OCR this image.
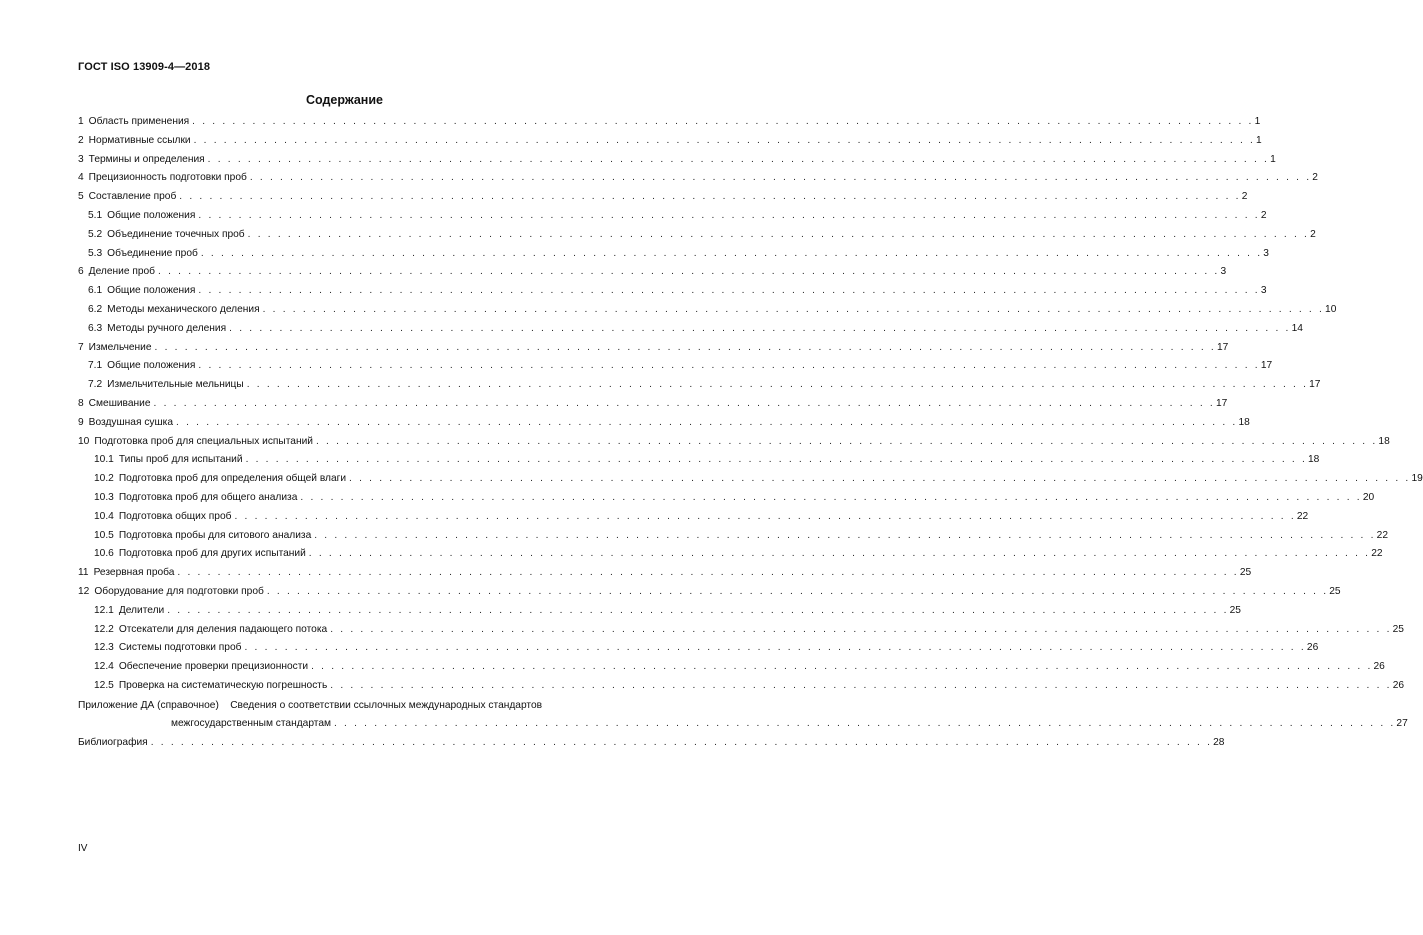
ГОСТ ISO 13909-4—2018
Содержание
1 Область применения . . . . . . . . . . . . . . . . . . . . . . . . . . . . . . . . . . . . . . . . . . . . . . . . . . . . . . . . . . . . . . . . . . . . . . . . . . . . . . . . . . . . . . . . . . . . . . . . . . . . . . . . . . 1
2 Нормативные ссылки . . . . . . . . . . . . . . . . . . . . . . . . . . . . . . . . . . . . . . . . . . . . . . . . . . . . . . . . . . . . . . . . . . . . . . . . . . . . . . . . . . . . . . . . . . . . . . . . . . . . . . . . . . 1
3 Термины и определения . . . . . . . . . . . . . . . . . . . . . . . . . . . . . . . . . . . . . . . . . . . . . . . . . . . . . . . . . . . . . . . . . . . . . . . . . . . . . . . . . . . . . . . . . . . . . . . . . . . . . . . . . . 1
4 Прецизионность подготовки проб . . . . . . . . . . . . . . . . . . . . . . . . . . . . . . . . . . . . . . . . . . . . . . . . . . . . . . . . . . . . . . . . . . . . . . . . . . . . . . . . . . . . . . . . . . . . . . . . . . . . . . . . . . 2
5 Составление проб . . . . . . . . . . . . . . . . . . . . . . . . . . . . . . . . . . . . . . . . . . . . . . . . . . . . . . . . . . . . . . . . . . . . . . . . . . . . . . . . . . . . . . . . . . . . . . . . . . . . . . . . . . 2
5.1 Общие положения . . . . . . . . . . . . . . . . . . . . . . . . . . . . . . . . . . . . . . . . . . . . . . . . . . . . . . . . . . . . . . . . . . . . . . . . . . . . . . . . . . . . . . . . . . . . . . . . . . . . . . . . . . 2
5.2 Объединение точечных проб . . . . . . . . . . . . . . . . . . . . . . . . . . . . . . . . . . . . . . . . . . . . . . . . . . . . . . . . . . . . . . . . . . . . . . . . . . . . . . . . . . . . . . . . . . . . . . . . . . . . . . . . . . 2
5.3 Объединение проб . . . . . . . . . . . . . . . . . . . . . . . . . . . . . . . . . . . . . . . . . . . . . . . . . . . . . . . . . . . . . . . . . . . . . . . . . . . . . . . . . . . . . . . . . . . . . . . . . . . . . . . . . . 3
6 Деление проб . . . . . . . . . . . . . . . . . . . . . . . . . . . . . . . . . . . . . . . . . . . . . . . . . . . . . . . . . . . . . . . . . . . . . . . . . . . . . . . . . . . . . . . . . . . . . . . . . . . . . . . . . . 3
6.1 Общие положения . . . . . . . . . . . . . . . . . . . . . . . . . . . . . . . . . . . . . . . . . . . . . . . . . . . . . . . . . . . . . . . . . . . . . . . . . . . . . . . . . . . . . . . . . . . . . . . . . . . . . . . . . . 3
6.2 Методы механического деления . . . . . . . . . . . . . . . . . . . . . . . . . . . . . . . . . . . . . . . . . . . . . . . . . . . . . . . . . . . . . . . . . . . . . . . . . . . . . . . . . . . . . . . . . . . . . . . . . . . . . . . . . . 10
6.3 Методы ручного деления . . . . . . . . . . . . . . . . . . . . . . . . . . . . . . . . . . . . . . . . . . . . . . . . . . . . . . . . . . . . . . . . . . . . . . . . . . . . . . . . . . . . . . . . . . . . . . . . . . . . . . . . . . 14
7 Измельчение . . . . . . . . . . . . . . . . . . . . . . . . . . . . . . . . . . . . . . . . . . . . . . . . . . . . . . . . . . . . . . . . . . . . . . . . . . . . . . . . . . . . . . . . . . . . . . . . . . . . . . . . . . 17
7.1 Общие положения . . . . . . . . . . . . . . . . . . . . . . . . . . . . . . . . . . . . . . . . . . . . . . . . . . . . . . . . . . . . . . . . . . . . . . . . . . . . . . . . . . . . . . . . . . . . . . . . . . . . . . . . . . 17
7.2 Измельчительные мельницы . . . . . . . . . . . . . . . . . . . . . . . . . . . . . . . . . . . . . . . . . . . . . . . . . . . . . . . . . . . . . . . . . . . . . . . . . . . . . . . . . . . . . . . . . . . . . . . . . . . . . . . . . . 17
8 Смешивание . . . . . . . . . . . . . . . . . . . . . . . . . . . . . . . . . . . . . . . . . . . . . . . . . . . . . . . . . . . . . . . . . . . . . . . . . . . . . . . . . . . . . . . . . . . . . . . . . . . . . . . . . . 17
9 Воздушная сушка . . . . . . . . . . . . . . . . . . . . . . . . . . . . . . . . . . . . . . . . . . . . . . . . . . . . . . . . . . . . . . . . . . . . . . . . . . . . . . . . . . . . . . . . . . . . . . . . . . . . . . . . . . 18
10 Подготовка проб для специальных испытаний . . . . . . . . . . . . . . . . . . . . . . . . . . . . . . . . . . . . . . . . . . . . . . . . . . . . . . . . . . . . . . . . . . . . . . . . . . . . . . . . . . . . . . . . . . . . . . . . . . . . . . . . . . 18
10.1 Типы проб для испытаний . . . . . . . . . . . . . . . . . . . . . . . . . . . . . . . . . . . . . . . . . . . . . . . . . . . . . . . . . . . . . . . . . . . . . . . . . . . . . . . . . . . . . . . . . . . . . . . . . . . . . . . . . . 18
10.2 Подготовка проб для определения общей влаги . . . . . . . . . . . . . . . . . . . . . . . . . . . . . . . . . . . . . . . . . . . . . . . . . . . . . . . . . . . . . . . . . . . . . . . . . . . . . . . . . . . . . . . . . . . . . . . . . . . . . . . . . . 19
10.3 Подготовка проб для общего анализа . . . . . . . . . . . . . . . . . . . . . . . . . . . . . . . . . . . . . . . . . . . . . . . . . . . . . . . . . . . . . . . . . . . . . . . . . . . . . . . . . . . . . . . . . . . . . . . . . . . . . . . . . . 20
10.4 Подготовка общих проб . . . . . . . . . . . . . . . . . . . . . . . . . . . . . . . . . . . . . . . . . . . . . . . . . . . . . . . . . . . . . . . . . . . . . . . . . . . . . . . . . . . . . . . . . . . . . . . . . . . . . . . . . . 22
10.5 Подготовка пробы для ситового анализа . . . . . . . . . . . . . . . . . . . . . . . . . . . . . . . . . . . . . . . . . . . . . . . . . . . . . . . . . . . . . . . . . . . . . . . . . . . . . . . . . . . . . . . . . . . . . . . . . . . . . . . . . . 22
10.6 Подготовка проб для других испытаний . . . . . . . . . . . . . . . . . . . . . . . . . . . . . . . . . . . . . . . . . . . . . . . . . . . . . . . . . . . . . . . . . . . . . . . . . . . . . . . . . . . . . . . . . . . . . . . . . . . . . . . . . . 22
11 Резервная проба . . . . . . . . . . . . . . . . . . . . . . . . . . . . . . . . . . . . . . . . . . . . . . . . . . . . . . . . . . . . . . . . . . . . . . . . . . . . . . . . . . . . . . . . . . . . . . . . . . . . . . . . . . 25
12 Оборудование для подготовки проб . . . . . . . . . . . . . . . . . . . . . . . . . . . . . . . . . . . . . . . . . . . . . . . . . . . . . . . . . . . . . . . . . . . . . . . . . . . . . . . . . . . . . . . . . . . . . . . . . . . . . . . . . . 25
12.1 Делители . . . . . . . . . . . . . . . . . . . . . . . . . . . . . . . . . . . . . . . . . . . . . . . . . . . . . . . . . . . . . . . . . . . . . . . . . . . . . . . . . . . . . . . . . . . . . . . . . . . . . . . . . . 25
12.2 Отсекатели для деления падающего потока . . . . . . . . . . . . . . . . . . . . . . . . . . . . . . . . . . . . . . . . . . . . . . . . . . . . . . . . . . . . . . . . . . . . . . . . . . . . . . . . . . . . . . . . . . . . . . . . . . . . . . . . . . 25
12.3 Системы подготовки проб . . . . . . . . . . . . . . . . . . . . . . . . . . . . . . . . . . . . . . . . . . . . . . . . . . . . . . . . . . . . . . . . . . . . . . . . . . . . . . . . . . . . . . . . . . . . . . . . . . . . . . . . . . 26
12.4 Обеспечение проверки прецизионности . . . . . . . . . . . . . . . . . . . . . . . . . . . . . . . . . . . . . . . . . . . . . . . . . . . . . . . . . . . . . . . . . . . . . . . . . . . . . . . . . . . . . . . . . . . . . . . . . . . . . . . . . . 26
12.5 Проверка на систематическую погрешность . . . . . . . . . . . . . . . . . . . . . . . . . . . . . . . . . . . . . . . . . . . . . . . . . . . . . . . . . . . . . . . . . . . . . . . . . . . . . . . . . . . . . . . . . . . . . . . . . . . . . . . . . . 26
Приложение ДА (справочное) Сведения о соответствии ссылочных международных стандартов
межгосударственным стандартам . . . . . . . . . . . . . . . . . . . . . . . . . . . . . . . . . . . . . . . . . . . . . . . . . . . . . . . . . . . . . . . . . . . . . . . . . . . . . . . . . . . . . . . . . . . . . . . . . . . . . . . . . . 27
Библиография . . . . . . . . . . . . . . . . . . . . . . . . . . . . . . . . . . . . . . . . . . . . . . . . . . . . . . . . . . . . . . . . . . . . . . . . . . . . . . . . . . . . . . . . . . . . . . . . . . . . . . . . . . 28
IV
